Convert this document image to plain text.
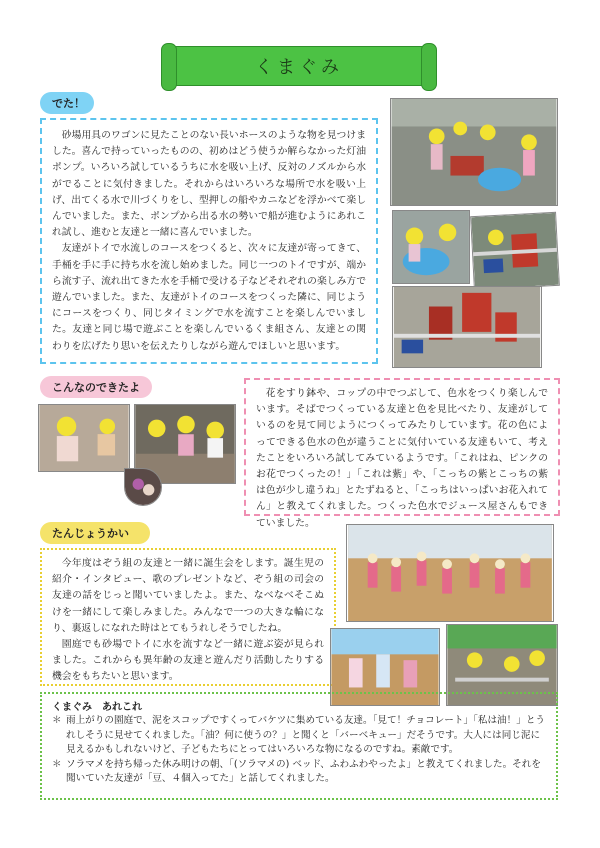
くまぐみ
でた！

砂場用具のワゴンに見たことのない長いホースのような物を見つけました。喜んで持っていったものの、初めはどう使うか解らなかった灯油ポンプ。いろいろ試しているうちに水を吸い上げ、反対のノズルから水がでることに気付きました。それからはいろいろな場所で水を吸い上げ、出てくる水で川づくりをし、型押しの船やカニなどを浮かべて楽しんでいました。また、ポンプから出る水の勢いで船が進むようにあれこれ試し、進むと友達と一緒に喜んでいました。

友達がトイで水流しのコースをつくると、次々に友達が寄ってきて、手桶を手に手に持ち水を流し始めました。同じ一つのトイですが、端から流す子、流れ出てきた水を手桶で受ける子などそれぞれの楽しみ方で遊んでいました。また、友達がトイのコースをつくった隣に、同じようにコースをつくり、同じタイミングで水を流すことを楽しんでいました。友達と同じ場で遊ぶことを楽しんでいるくま組さん、友達との関わりを広げたり思いを伝えたりしながら遊んでほしいと思います。

こんなのできたよ	花をすり鉢や、コップの中でつぶして、色水をつくり楽しんでいます。そばでつくっている友達と色を見比べたり、友達がしているのを見て同じようにつくってみたりしています。花の色によってできる色水の色が違うことに気付いている友達もいて、考えたことをいろいろ試してみているようです。「これはね、ピンクのお花でつくったの！」「これは紫」や、「こっちの紫とこっちの紫は色が少し違うね」とたずねると、「こっちはいっぱいお花入れてん」と教えてくれました。つくった色水でジュース屋さんもできていました。

たんじょうかい

今年度はぞう組の友達と一緒に誕生会をします。誕生児の紹介・インタビュー、歌のプレゼントなど、ぞう組の司会の友達の話をじっと聞いていましたよ。また、なべなべそこぬけを一緒にして楽しみました。みんなで一つの大きな輪になり、裏返しになれた時はとてもうれしそうでしたね。

園庭でも砂場でトイに水を流すなど一緒に遊ぶ姿が見られました。これからも異年齢の友達と遊んだり活動したりする機会をもちたいと思います。

くまぐみ　あれこれ
＊ 雨上がりの園庭で、泥をスコップですくってバケツに集めている友達。「見て！チョコレート」「私は油！」とうれしそうに見せてくれました。「油？何に使うの？」と聞くと「バーベキュー」だそうです。大人には同じ泥に見えるかもしれないけど、子どもたちにとってはいろいろな物になるのですね。素敵です。
＊ ソラマメを持ち帰った休み明けの朝、「(ソラマメの) ベッド、ふわふわやったよ」と教えてくれました。それを聞いていた友達が「豆、４個入ってた」と話してくれました。
